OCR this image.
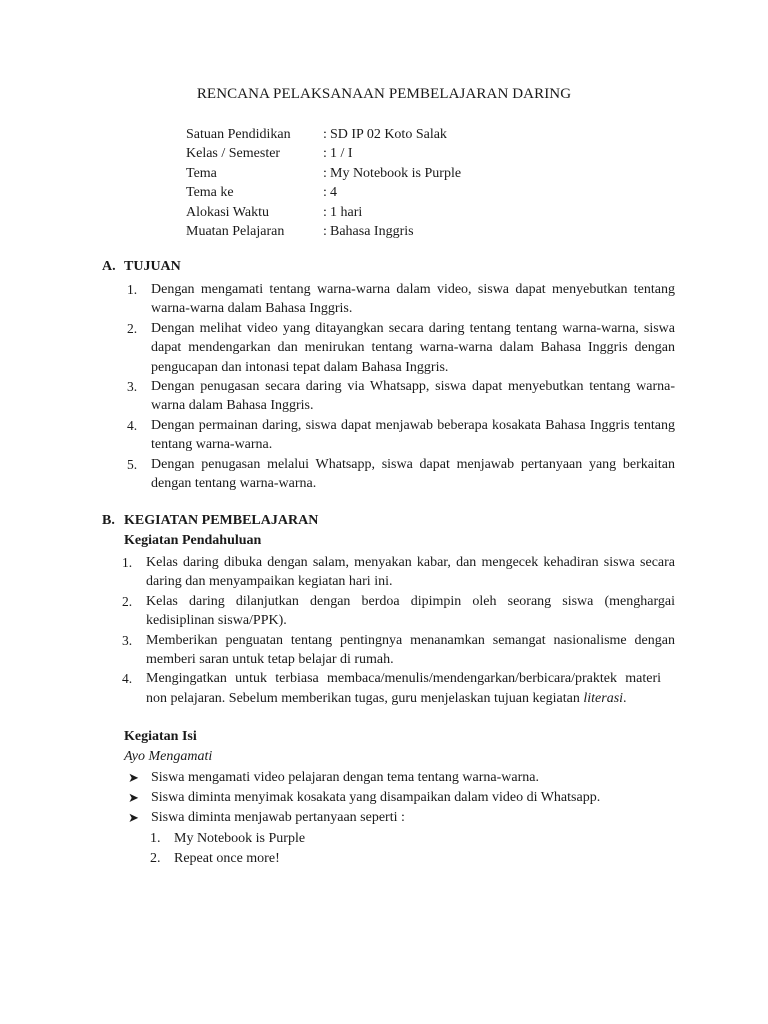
RENCANA PELAKSANAAN PEMBELAJARAN DARING
Satuan Pendidikan	: SD IP 02 Koto Salak
Kelas / Semester	: 1 / I
Tema	: My Notebook is Purple
Tema ke	: 4
Alokasi Waktu	: 1 hari
Muatan Pelajaran	: Bahasa Inggris
A. TUJUAN
1. Dengan mengamati tentang warna-warna dalam video, siswa dapat menyebutkan tentang warna-warna dalam Bahasa Inggris.
2. Dengan melihat video yang ditayangkan secara daring tentang tentang warna-warna, siswa dapat mendengarkan dan menirukan tentang warna-warna dalam Bahasa Inggris dengan pengucapan dan intonasi tepat dalam Bahasa Inggris.
3. Dengan penugasan secara daring via Whatsapp, siswa dapat menyebutkan tentang warna-warna dalam Bahasa Inggris.
4. Dengan permainan daring, siswa dapat menjawab beberapa kosakata Bahasa Inggris tentang tentang warna-warna.
5. Dengan penugasan melalui Whatsapp, siswa dapat menjawab pertanyaan yang berkaitan dengan tentang warna-warna.
B. KEGIATAN PEMBELAJARAN
Kegiatan Pendahuluan
1. Kelas daring dibuka dengan salam, menyakan kabar, dan mengecek kehadiran siswa secara daring dan menyampaikan kegiatan hari ini.
2. Kelas daring dilanjutkan dengan berdoa dipimpin oleh seorang siswa (menghargai kedisiplinan siswa/PPK).
3. Memberikan penguatan tentang pentingnya menanamkan semangat nasionalisme dengan memberi saran untuk tetap belajar di rumah.
4. Mengingatkan untuk terbiasa membaca/menulis/mendengarkan/berbicara/praktek materi non pelajaran. Sebelum memberikan tugas, guru menjelaskan tujuan kegiatan literasi.
Kegiatan Isi
Ayo Mengamati
➤ Siswa mengamati video pelajaran dengan tema tentang warna-warna.
➤ Siswa diminta menyimak kosakata yang disampaikan dalam video di Whatsapp.
➤ Siswa diminta menjawab pertanyaan seperti :
1. My Notebook is Purple
2. Repeat once more!
